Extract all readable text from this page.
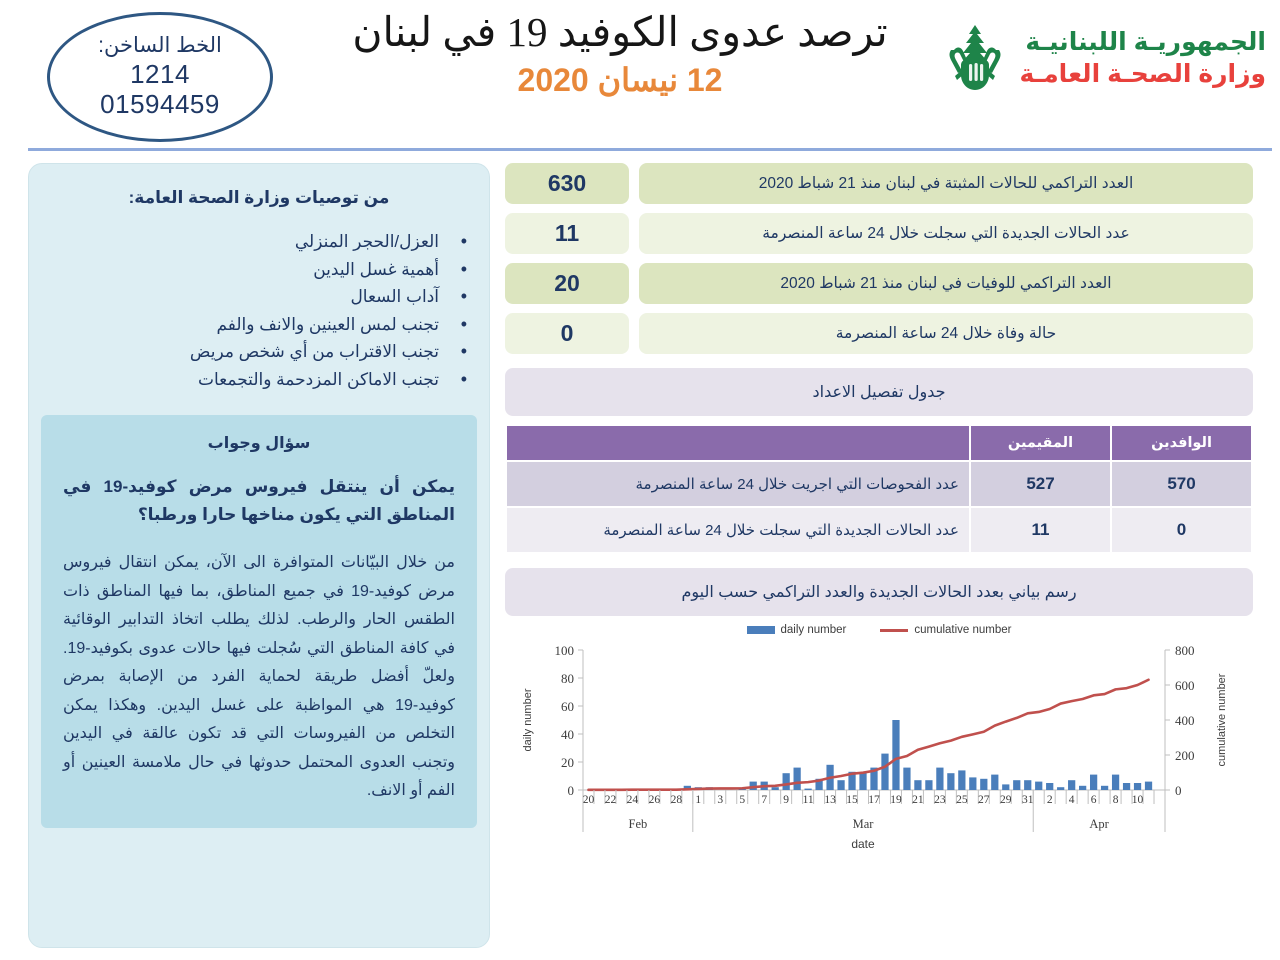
الخط الساخن:
1214
01594459
ترصد عدوى الكوفيد 19 في لبنان
12 نيسان 2020
الجمهوريـة اللبنانيـة
وزارة الصحـة العامـة
من توصيات وزارة الصحة العامة:
• العزل/الحجر المنزلي
• أهمية غسل اليدين
• آداب السعال
• تجنب لمس العينين والانف والفم
• تجنب الاقتراب من أي شخص مريض
• تجنب الاماكن المزدحمة والتجمعات
سؤال وجواب
يمكن أن ينتقل فيروس مرض كوفيد-19 في المناطق التي يكون مناخها حارا ورطبا؟
من خلال البيّانات المتوافرة الى الآن، يمكن انتقال فيروس مرض كوفيد-19 في جميع المناطق، بما فيها المناطق ذات الطقس الحار والرطب. لذلك يطلب اتخاذ التدابير الوقائية في كافة المناطق التي سُجلت فيها حالات عدوى بكوفيد-19. ولعلّ أفضل طريقة لحماية الفرد من الإصابة بمرض كوفيد-19 هي المواظبة على غسل اليدين. وهكذا يمكن التخلص من الفيروسات التي قد تكون عالقة في اليدين وتجنب العدوى المحتمل حدوثها في حال ملامسة العينين أو الفم أو الانف.
العدد التراكمي للحالات المثبتة في لبنان منذ 21 شباط 2020
630
عدد الحالات الجديدة التي سجلت خلال 24 ساعة المنصرمة
11
العدد التراكمي للوفيات في لبنان منذ 21 شباط 2020
20
حالة وفاة خلال 24 ساعة المنصرمة
0
جدول تفصيل الاعداد
الوافدين	المقيمين	
570	527	عدد الفحوصات التي اجريت خلال 24 ساعة المنصرمة
0	11	عدد الحالات الجديدة التي سجلت خلال 24 ساعة المنصرمة
رسم بياني بعدد الحالات الجديدة والعدد التراكمي حسب اليوم
daily number	cumulative number
0
20
40
60
80
100
0
200
400
600
800
daily number	cumulative number
20 22 24 26 28 1 3 5 7 9 11 13 15 17 19 21 23 25 27 29 31 2 4 6 8 10
Feb	Mar	Apr
date
